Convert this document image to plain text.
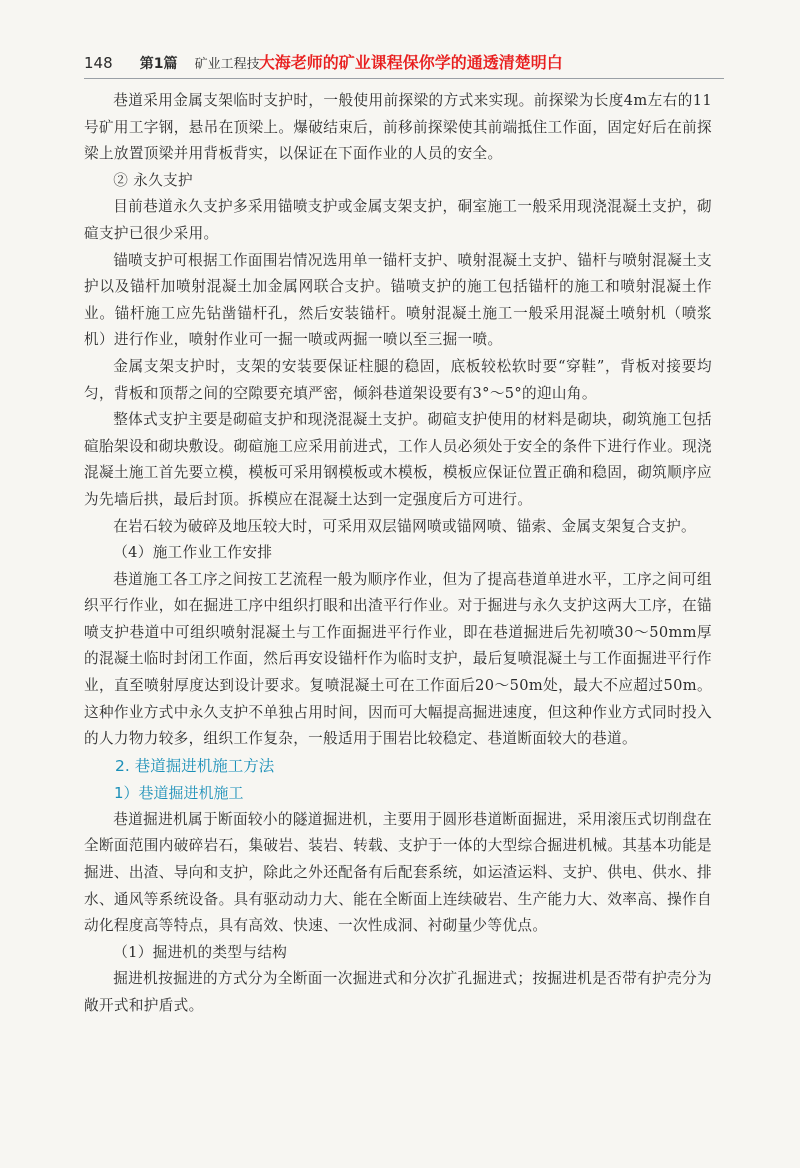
148 第1篇 矿业工程技 大海老师的矿业课程保你学的通透清楚明白

巷道采用金属支架临时支护时，一般使用前探梁的方式来实现。前探梁为长度4m左右的11号矿用工字钢，悬吊在顶梁上。爆破结束后，前移前探梁使其前端抵住工作面，固定好后在前探梁上放置顶梁并用背板背实，以保证在下面作业的人员的安全。

② 永久支护

目前巷道永久支护多采用锚喷支护或金属支架支护，硐室施工一般采用现浇混凝土支护，砌碹支护已很少采用。

锚喷支护可根据工作面围岩情况选用单一锚杆支护、喷射混凝土支护、锚杆与喷射混凝土支护以及锚杆加喷射混凝土加金属网联合支护。锚喷支护的施工包括锚杆的施工和喷射混凝土作业。锚杆施工应先钻凿锚杆孔，然后安装锚杆。喷射混凝土施工一般采用混凝土喷射机（喷浆机）进行作业，喷射作业可一掘一喷或两掘一喷以至三掘一喷。

金属支架支护时，支架的安装要保证柱腿的稳固，底板较松软时要“穿鞋”，背板对接要均匀，背板和顶帮之间的空隙要充填严密，倾斜巷道架设要有3°～5°的迎山角。

整体式支护主要是砌碹支护和现浇混凝土支护。砌碹支护使用的材料是砌块，砌筑施工包括碹胎架设和砌块敷设。砌碹施工应采用前进式，工作人员必须处于安全的条件下进行作业。现浇混凝土施工首先要立模，模板可采用钢模板或木模板，模板应保证位置正确和稳固，砌筑顺序应为先墙后拱，最后封顶。拆模应在混凝土达到一定强度后方可进行。

在岩石较为破碎及地压较大时，可采用双层锚网喷或锚网喷、锚索、金属支架复合支护。

（4）施工作业工作安排

巷道施工各工序之间按工艺流程一般为顺序作业，但为了提高巷道单进水平，工序之间可组织平行作业，如在掘进工序中组织打眼和出渣平行作业。对于掘进与永久支护这两大工序，在锚喷支护巷道中可组织喷射混凝土与工作面掘进平行作业，即在巷道掘进后先初喷30～50mm厚的混凝土临时封闭工作面，然后再安设锚杆作为临时支护，最后复喷混凝土与工作面掘进平行作业，直至喷射厚度达到设计要求。复喷混凝土可在工作面后20～50m处，最大不应超过50m。这种作业方式中永久支护不单独占用时间，因而可大幅提高掘进速度，但这种作业方式同时投入的人力物力较多，组织工作复杂，一般适用于围岩比较稳定、巷道断面较大的巷道。

2. 巷道掘进机施工方法

1）巷道掘进机施工

巷道掘进机属于断面较小的隧道掘进机，主要用于圆形巷道断面掘进，采用滚压式切削盘在全断面范围内破碎岩石，集破岩、装岩、转载、支护于一体的大型综合掘进机械。其基本功能是掘进、出渣、导向和支护，除此之外还配备有后配套系统，如运渣运料、支护、供电、供水、排水、通风等系统设备。具有驱动动力大、能在全断面上连续破岩、生产能力大、效率高、操作自动化程度高等特点，具有高效、快速、一次性成洞、衬砌量少等优点。

（1）掘进机的类型与结构

掘进机按掘进的方式分为全断面一次掘进式和分次扩孔掘进式；按掘进机是否带有护壳分为敞开式和护盾式。
